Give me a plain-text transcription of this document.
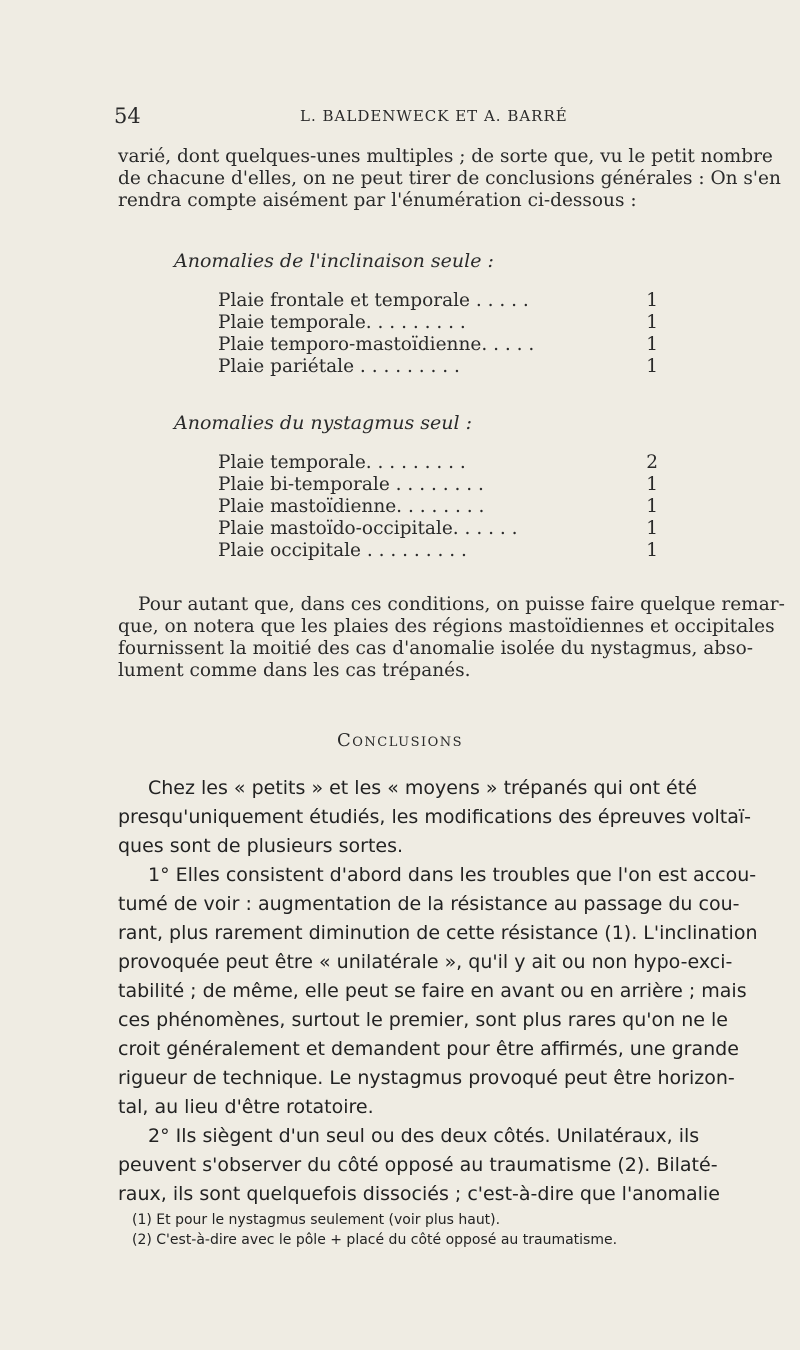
54	L. BALDENWECK ET A. BARRÉ
varié, dont quelques-unes multiples ; de sorte que, vu le petit nombre
de chacune d'elles, on ne peut tirer de conclusions générales : On s'en
rendra compte aisément par l'énumération ci-dessous :
Anomalies de l'inclinaison seule :
Plaie frontale et temporale . . . . .	1
Plaie temporale. . . . . . . . .	1
Plaie temporo-mastoïdienne. . . . .	1
Plaie pariétale . . . . . . . . .	1
Anomalies du nystagmus seul :
Plaie temporale. . . . . . . . .	2
Plaie bi-temporale . . . . . . . .	1
Plaie mastoïdienne. . . . . . . .	1
Plaie mastoïdo-occipitale. . . . . .	1
Plaie occipitale . . . . . . . . .	1
Pour autant que, dans ces conditions, on puisse faire quelque remar-
que, on notera que les plaies des régions mastoïdiennes et occipitales
fournissent la moitié des cas d'anomalie isolée du nystagmus, abso-
lument comme dans les cas trépanés.
Conclusions
Chez les « petits » et les « moyens » trépanés qui ont été
presqu'uniquement étudiés, les modifications des épreuves voltaï-
ques sont de plusieurs sortes.
1° Elles consistent d'abord dans les troubles que l'on est accou-
tumé de voir : augmentation de la résistance au passage du cou-
rant, plus rarement diminution de cette résistance (1). L'inclination
provoquée peut être « unilatérale », qu'il y ait ou non hypo-exci-
tabilité ; de même, elle peut se faire en avant ou en arrière ; mais
ces phénomènes, surtout le premier, sont plus rares qu'on ne le
croit généralement et demandent pour être affirmés, une grande
rigueur de technique. Le nystagmus provoqué peut être horizon-
tal, au lieu d'être rotatoire.
2° Ils siègent d'un seul ou des deux côtés. Unilatéraux, ils
peuvent s'observer du côté opposé au traumatisme (2). Bilaté-
raux, ils sont quelquefois dissociés ; c'est-à-dire que l'anomalie
(1) Et pour le nystagmus seulement (voir plus haut).
(2) C'est-à-dire avec le pôle + placé du côté opposé au traumatisme.
